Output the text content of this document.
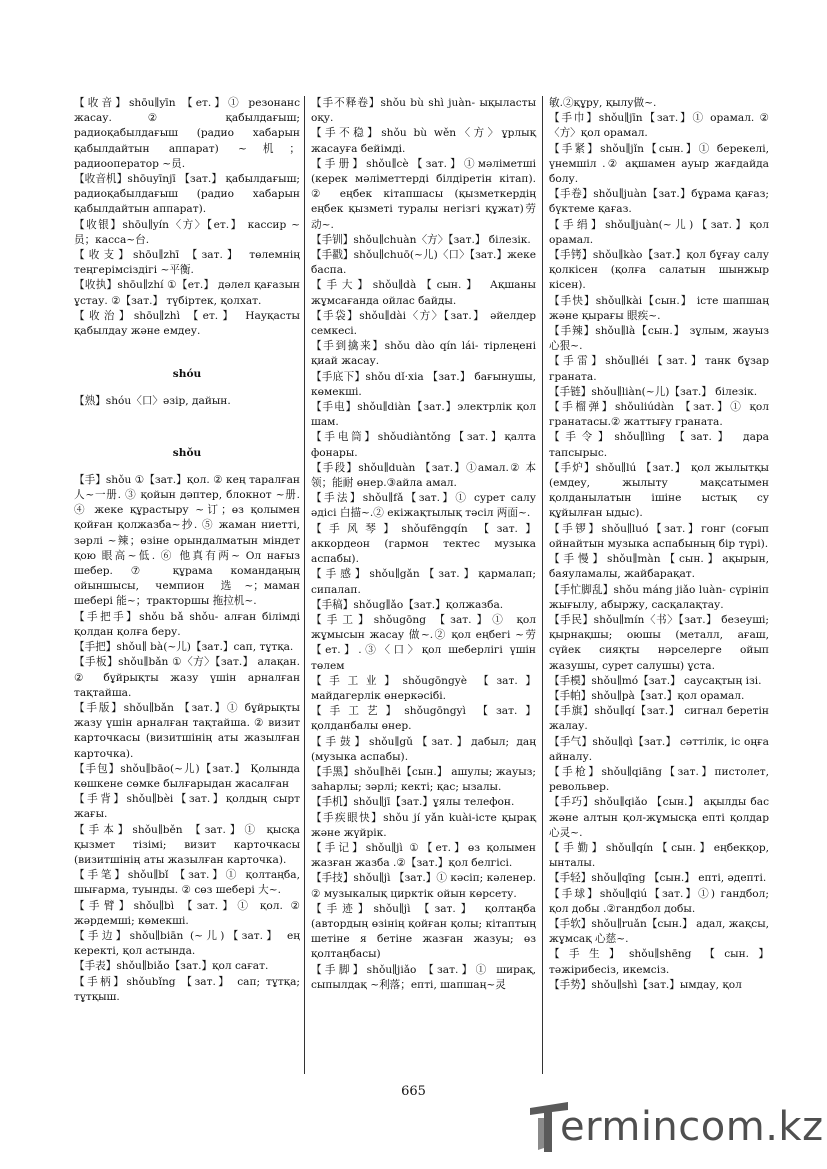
【收音】shōu∥yīn 【ет.】① резонанс жасау. ② қабылдағыш; радиоқабылдағыш (радио хабарын қабылдайтын аппарат) ~机；радиооператор ~员.

【收音机】shōuyīnjī 【зат.】 қабылдағыш; радиоқабылдағыш (радио хабарын қабылдайтын аппарат).

【收银】shōu∥yín〈方〉【ет.】 кассир ~员；касса~台.

【收支】shōu∥zhī 【зат.】 төлемнің теңгерімсіздігі ~平衡.

【收执】shōu∥zhí ①【ет.】 дәлел қағазын ұстау. ②【зат.】 түбіртек, қолхат.

【收治】shōu∥zhì 【ет.】 Науқасты қабылдау және емдеу.

shóu

【熟】shóu〈口〉әзір, дайын.

shǒu

【手】shǒu ①【зат.】қол. ② кең таралған 人~一册. ③ қойын дәптер, блокнот ~册. ④ жеке құрастыру ~订；өз қолымен қойған қолжазба~抄. ⑤ жаман ниетті, зәрлі ~辣；өзіне орындалматын міндет қою 眼高~低. ⑥ 他真有两~ Ол нағыз шебер. ⑦ құрама командаңың ойыншысы, чемпион 选~；маман шебері 能~；тракторшы 拖拉机~.

【手把手】shǒu bǎ shǒu- алған білімді қолдан қолға беру.

【手把】shǒu∥ bà(~儿)【зат.】сап, тұтқа.

【手板】shǒu∥bǎn ①〈方〉【зат.】 алақан. ② бұйрықты жазу үшін арналған тақтайша.

【手版】shǒu∥bǎn 【зат.】① бұйрықты жазу үшін арналған тақтайша. ② визит карточкасы (визитшінің аты жазылған карточка).

【手包】shǒu∥bāo(~儿)【зат.】 Қолында көшкене сөмке былғарыдан жасалған

【手背】shǒu∥bèi【зат.】қолдың сырт жағы.

【手本】shǒu∥běn 【зат.】① қысқа қызмет тізімі; визит карточкасы (визитшінің аты жазылған карточка).

【手笔】shǒu∥bǐ 【зат.】① қолтаңба, шығарма, туынды. ② сөз шебері 大~.

【手臂】shǒu∥bì 【зат.】① қол. ② жәрдемші; көмекші.

【手边】shǒu∥biān (~儿)【зат.】 ең керекті, қол астында.

【手表】shǒu∥biǎo【зат.】қол сағат.

【手柄】shǒubǐng 【зат.】 сап; тұтқа; тұтқыш.

【手不释卷】shǒu bù shì juàn- ықыласты оқу.

【手不稳】shǒu bù wěn〈方〉ұрлық жасауға бейімді.

【手册】shǒu∥cè【зат.】①мәліметші (керек мәліметтерді білдіретін кітап). ② еңбек кітапшасы (қызметкердің еңбек қызметі туралы негізгі құжат)劳动~.

【手钏】shǒu∥chuàn〈方〉【зат.】 білезік.

【手戳】shǒu∥chuō(~儿)〈口〉【зат.】жеке баспа.

【手大】shǒu∥dà【сын.】 Ақшаны жұмсағанда ойлас байды.

【手袋】shǒu∥dài〈方〉【зат.】 әйелдер семкесі.

【手到擒来】shǒu dào qín lái- тірлеңені қиай жасау.

【手底下】shǒu dǐ·xia 【зат.】 бағынушы, көмекші.

【手电】shǒu∥diàn【зат.】электрлік қол шам.

【手电筒】shǒudiàntǒng【зат.】қалта фонары.

【手段】shǒu∥duàn 【зат.】①амал.② 本领；能耐 өнер.③айла амал.

【手法】shǒu∥fǎ【зат.】① сурет салу әдісі 白描~.② екіжақтылық тәсіл 两面~.

【手风琴】shǒufēngqín 【зат.】 аккордеон (гармон тектес музыка аспабы).

【手感】shǒu∥gǎn【зат.】қармалап; сипалап.

【手稿】shǒug∥ǎo【зат.】қолжазба.

【手工】shǒugōng 【зат.】① қол жұмысын жасау 做~.② қол еңбегі ~劳【ет.】.③〈口〉қол шеберлігі үшін төлем

【手工业】shǒugōngyè 【зат.】 майдагерлік өнеркәсібі.

【手工艺】shǒugōngyì 【зат.】 қолданбалы өнер.

【手鼓】shǒu∥gǔ【зат.】дабыл; даң (музыка аспабы).

【手黑】shǒu∥hēi【сын.】 ашулы; жауыз; заһарлы; зәрлі; кекті; қас; ызалы.

【手机】shǒu∥jī【зат.】ұялы телефон.

【手疾眼快】shǒu jí yǎn kuài-істе қырақ және жүйрік.

【手记】shǒu∥jì ①【ет.】өз қолымен жазған жазба .②【зат.】қол белгісі.

【手技】shǒu∥jì 【зат.】① кәсіп; кәленер. ② музыкалық цирктік ойын көрсету.

【手迹】shǒu∥jì 【зат.】 қолтаңба (автордың өзінің қойған қолы; кітаптың шетіне я бетіне жазған жазуы; өз қолтаңбасы)

【手脚】shǒu∥jiǎo 【зат.】① ширақ, сыпылдақ ~利落；епті, шапшаң~灵

敏.②құру, қылу做~.

【手巾】shǒu∥jīn【зат.】① орамал. ②〈方〉қол орамал.

【手紧】shǒu∥jǐn【сын.】① берекелі, үнемшіл .② ақшамен ауыр жағдайда болу.

【手卷】shǒu∥juàn【зат.】бұрама қағаз; бүктеме қағаз.

【手绢】shǒu∥juàn(~儿)【зат.】қол орамал.

【手铐】shǒu∥kào【зат.】қол бұғау салу қолкісен (қолға салатын шынжыр кісен).

【手快】shǒu∥kài【сын.】 істе шапшаң және қырағы 眼疾~.

【手辣】shǒu∥là【сын.】 зұлым, жауыз 心狠~.

【手雷】shǒu∥léi【зат.】танк бұзар граната.

【手链】shǒu∥liàn(~儿)【зат.】 білезік.

【手榴弹】shǒuliúdàn 【зат.】① қол гранатасы.② жаттығу граната.

【手令】shǒu∥lìng 【зат.】 дара тапсырыс.

【手炉】shǒu∥lú 【зат.】 қол жылытқы (емдеу, жылыту мақсатымен қолданылатын ішіне ыстық су құйылған ыдыс).

【手锣】shǒu∥luó【зат.】гонг (соғып ойнайтын музыка аспабының бір түрі).

【手慢】shǒu∥màn【сын.】ақырын, баяуламалы, жайбарақат.

【手忙脚乱】shǒu máng jiǎo luàn- сүрініп жығылу, абыржу, сасқалақтау.

【手民】shǒu∥mín〈书〉【зат.】 безеуші; қырнақшы; оюшы (металл, ағаш, сүйек сияқты нәрселерге ойып жазушы, сурет салушы) ұста.

【手模】shǒu∥mó【зат.】 саусақтың ізі.

【手帕】shǒu∥pà【зат.】қол орамал.

【手旗】shǒu∥qí【зат.】 сигнал беретін жалау.

【手气】shǒu∥qì【зат.】 сәттілік, іс оңға айналу.

【手枪】shǒu∥qiāng【зат.】пистолет, револьвер.

【手巧】shǒu∥qiǎo 【сын.】 ақылды бас және алтын қол-жұмысқа епті қолдар 心灵~.

【手勤】shǒu∥qín【сын.】еңбекқор, ынталы.

【手轻】shǒu∥qīng 【сын.】 епті, әдепті.

【手球】shǒu∥qiú【зат.】①) гандбол; қол добы .②гандбол добы.

【手软】shǒu∥ruǎn【сын.】 адал, жақсы, жұмсақ 心慈~.

【手生】shǒu∥shēng 【сын.】 тәжірибесіз, икемсіз.

【手势】shǒu∥shì【зат.】ымдау, қол

665
ermincom.kz
